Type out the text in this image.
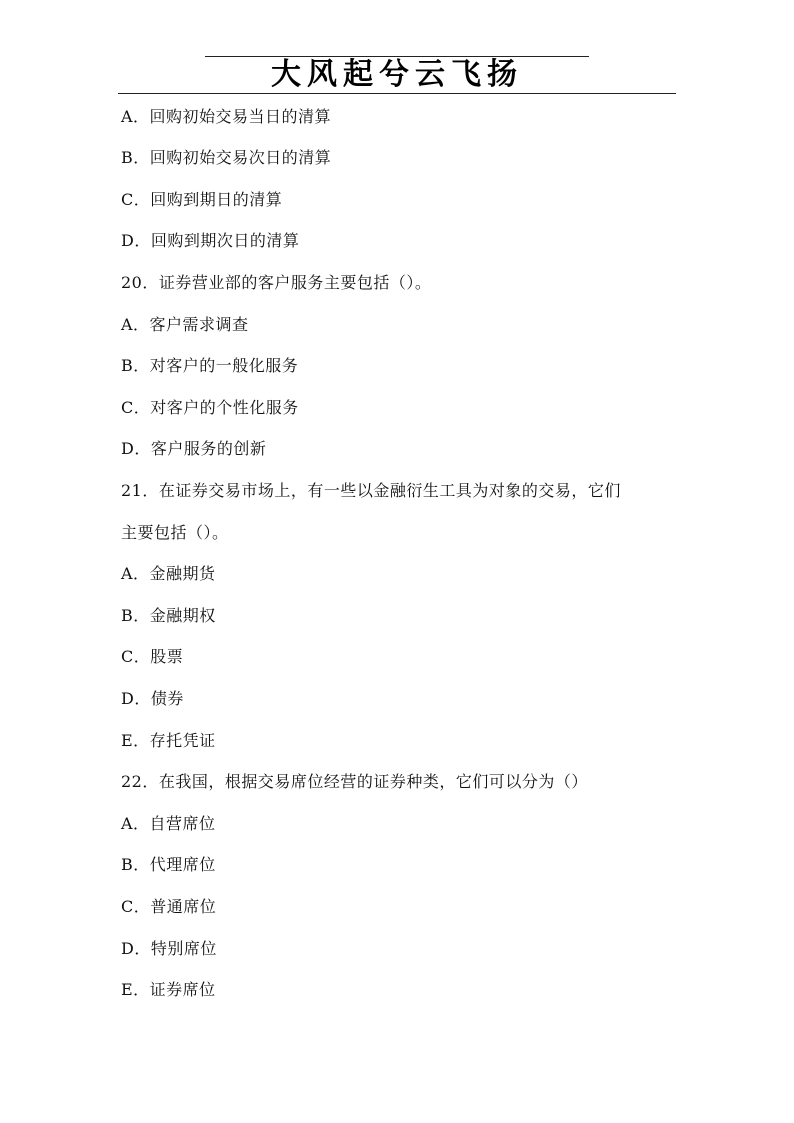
大风起兮云飞扬
A．回购初始交易当日的清算
B．回购初始交易次日的清算
C．回购到期日的清算
D．回购到期次日的清算
20．证券营业部的客户服务主要包括（）。
A．客户需求调查
B．对客户的一般化服务
C．对客户的个性化服务
D．客户服务的创新
21．在证券交易市场上，有一些以金融衍生工具为对象的交易，它们
主要包括（）。
A．金融期货
B．金融期权
C．股票
D．债券
E．存托凭证
22．在我国，根据交易席位经营的证券种类，它们可以分为（）
A．自营席位
B．代理席位
C．普通席位
D．特别席位
E．证券席位
